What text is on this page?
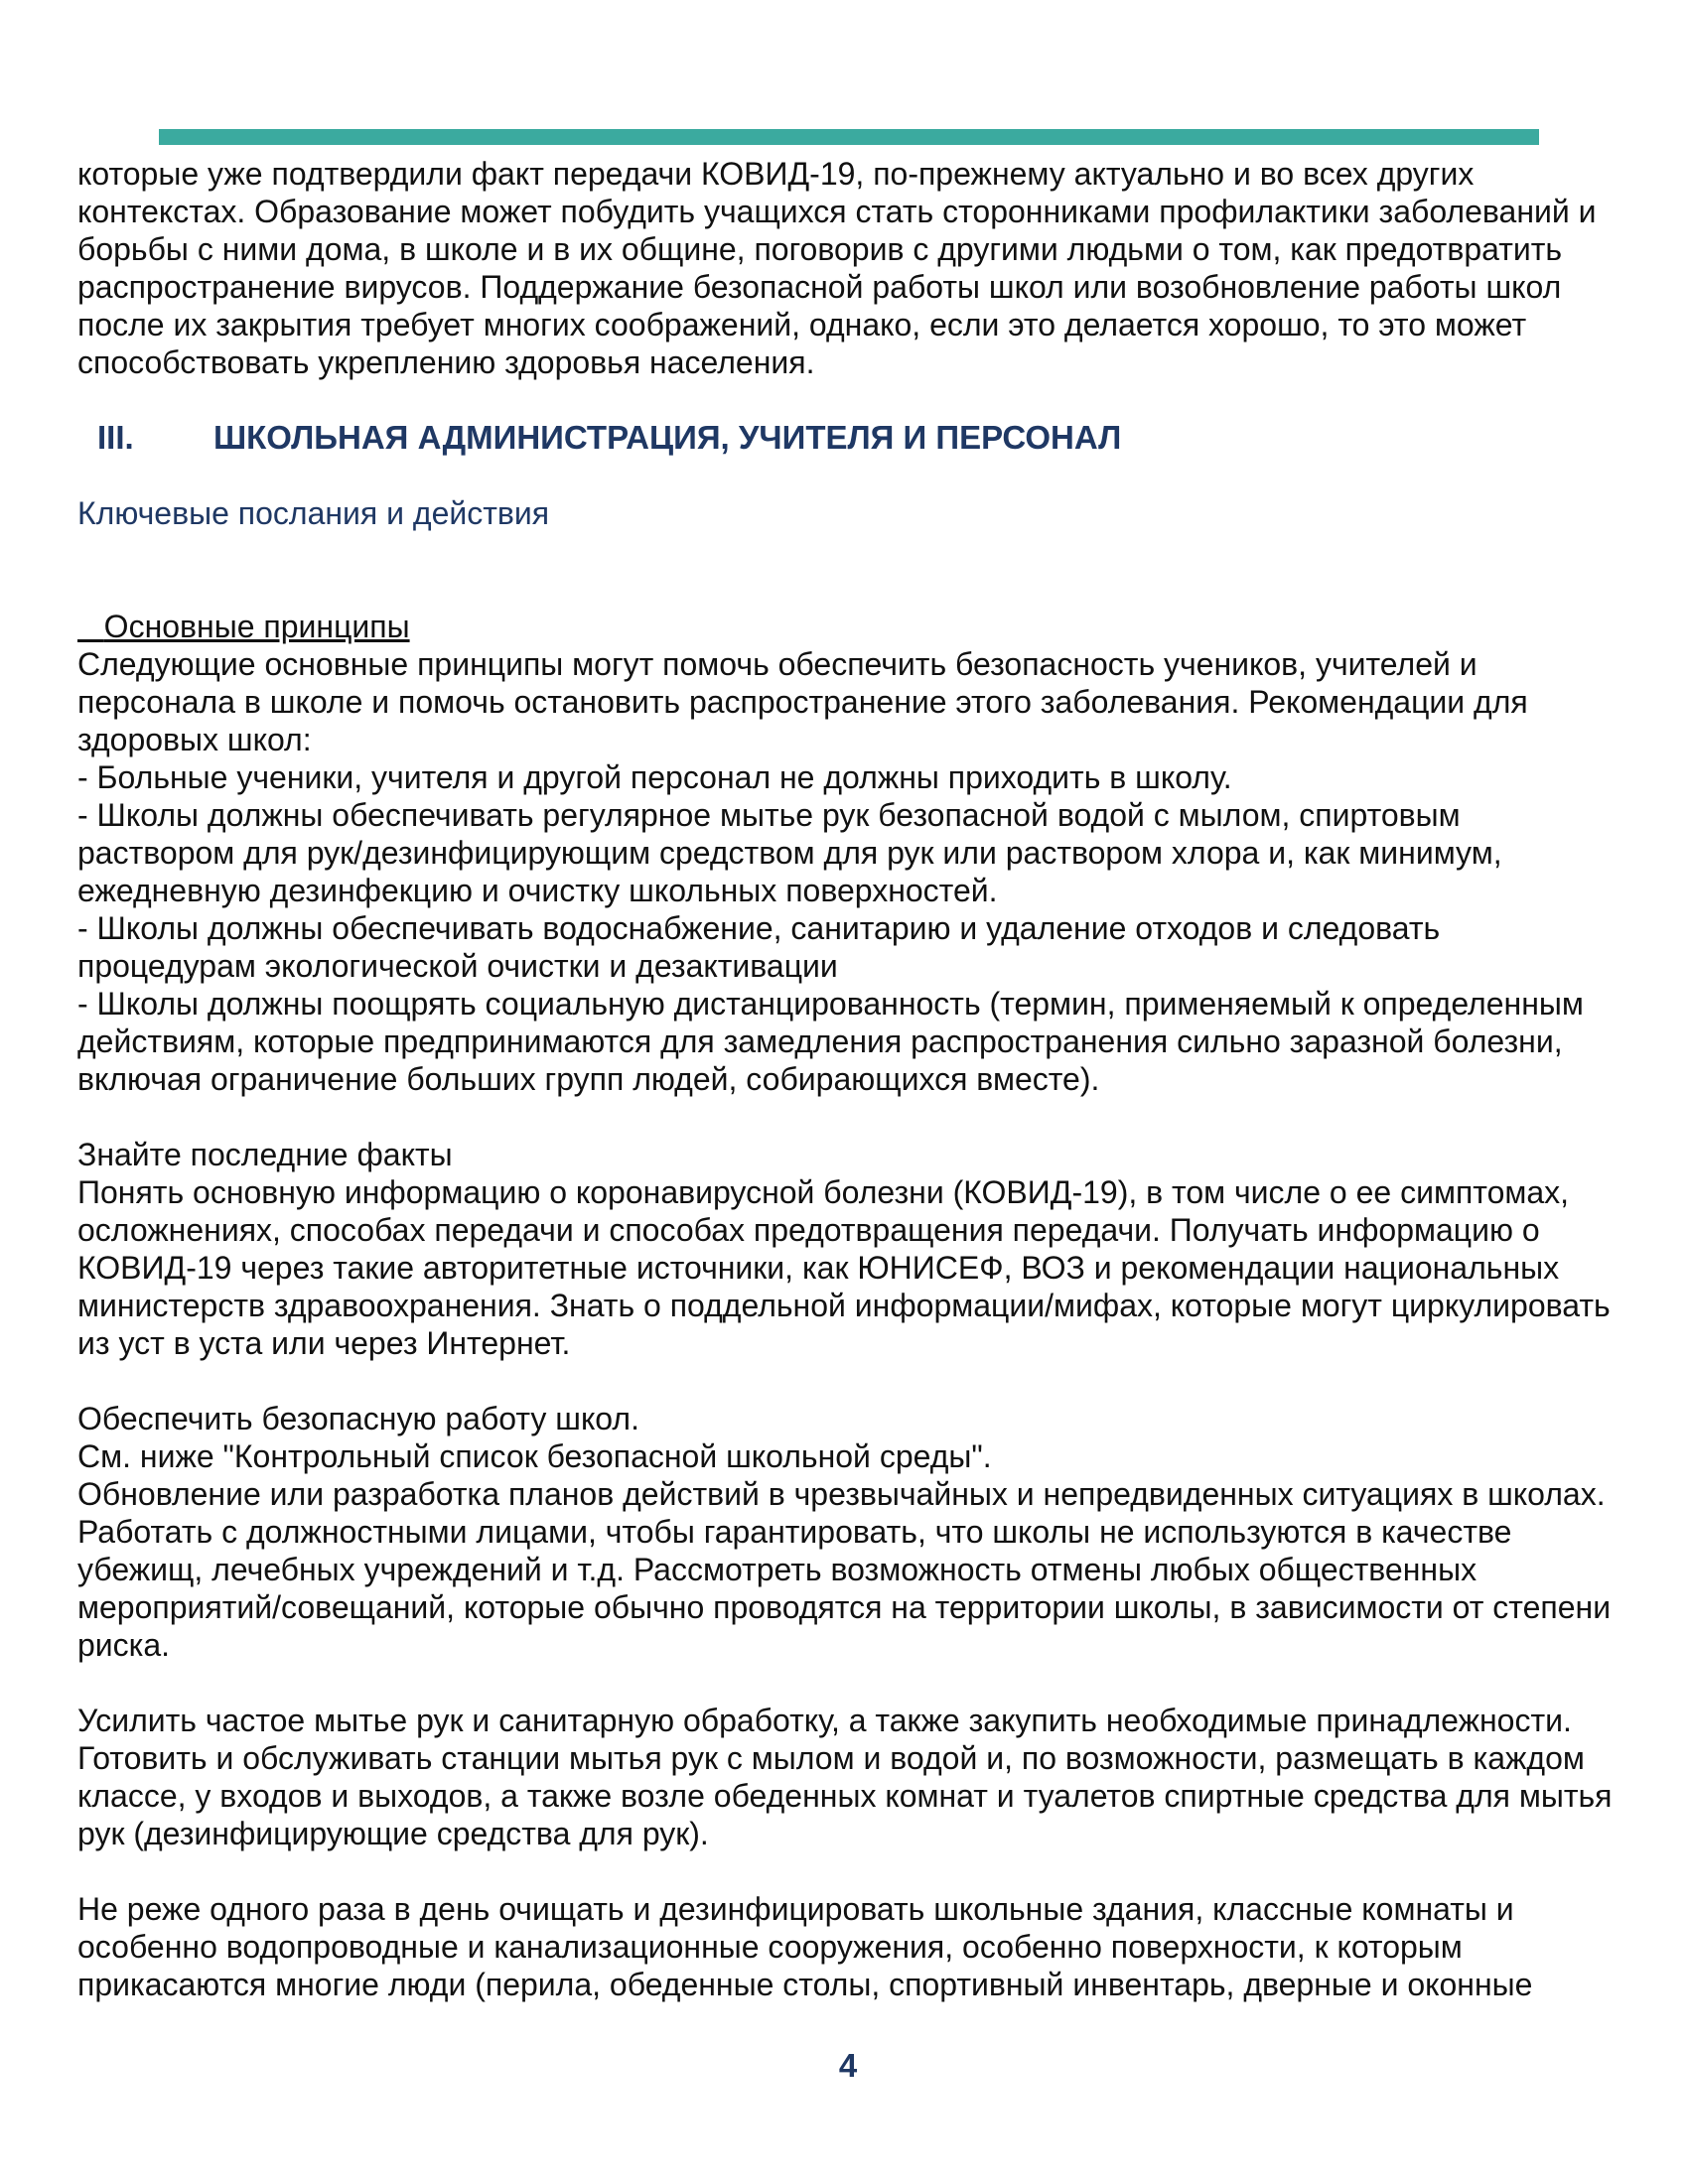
которые уже подтвердили факт передачи КОВИД-19, по-прежнему актуально и во всех других контекстах. Образование может побудить учащихся стать сторонниками профилактики заболеваний и борьбы с ними дома, в школе и в их общине, поговорив с другими людьми о том, как предотвратить распространение вирусов. Поддержание безопасной работы школ или возобновление работы школ после их закрытия требует многих соображений, однако, если это делается хорошо, то это может способствовать укреплению здоровья населения.

III. ШКОЛЬНАЯ АДМИНИСТРАЦИЯ, УЧИТЕЛЯ И ПЕРСОНАЛ

Ключевые послания и действия

Основные принципы

Следующие основные принципы могут помочь обеспечить безопасность учеников, учителей и персонала в школе и помочь остановить распространение этого заболевания. Рекомендации для здоровых школ:

- Больные ученики, учителя и другой персонал не должны приходить в школу.

- Школы должны обеспечивать регулярное мытье рук безопасной водой с мылом, спиртовым раствором для рук/дезинфицирующим средством для рук или раствором хлора и, как минимум, ежедневную дезинфекцию и очистку школьных поверхностей.

- Школы должны обеспечивать водоснабжение, санитарию и удаление отходов и следовать процедурам экологической очистки и дезактивации

- Школы должны поощрять социальную дистанцированность (термин, применяемый к определенным действиям, которые предпринимаются для замедления распространения сильно заразной болезни, включая ограничение больших групп людей, собирающихся вместе).

Знайте последние факты

Понять основную информацию о коронавирусной болезни (КОВИД-19), в том числе о ее симптомах, осложнениях, способах передачи и способах предотвращения передачи. Получать информацию о КОВИД-19 через такие авторитетные источники, как ЮНИСЕФ, ВОЗ и рекомендации национальных министерств здравоохранения. Знать о поддельной информации/мифах, которые могут циркулировать из уст в уста или через Интернет.

Обеспечить безопасную работу школ.

См. ниже "Контрольный список безопасной школьной среды".

Обновление или разработка планов действий в чрезвычайных и непредвиденных ситуациях в школах. Работать с должностными лицами, чтобы гарантировать, что школы не используются в качестве убежищ, лечебных учреждений и т.д. Рассмотреть возможность отмены любых общественных мероприятий/совещаний, которые обычно проводятся на территории школы, в зависимости от степени риска.

Усилить частое мытье рук и санитарную обработку, а также закупить необходимые принадлежности. Готовить и обслуживать станции мытья рук с мылом и водой и, по возможности, размещать в каждом классе, у входов и выходов, а также возле обеденных комнат и туалетов спиртные средства для мытья рук (дезинфицирующие средства для рук).

Не реже одного раза в день очищать и дезинфицировать школьные здания, классные комнаты и особенно водопроводные и канализационные сооружения, особенно поверхности, к которым прикасаются многие люди (перила, обеденные столы, спортивный инвентарь, дверные и оконные

4
